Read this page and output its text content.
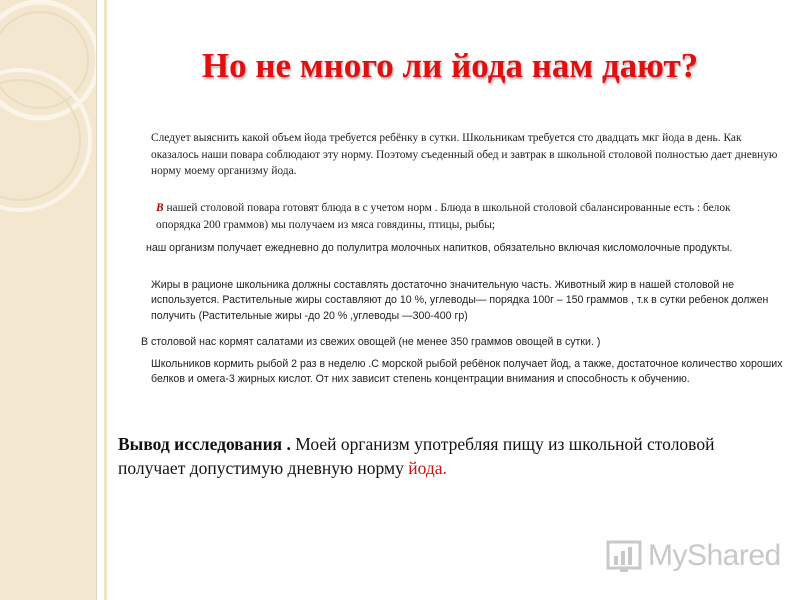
Но не много ли йода нам дают?

Следует выяснить какой объем йода требуется ребёнку в сутки. Школьникам требуется сто двадцать мкг йода в день. Как оказалось наши повара соблюдают эту норму. Поэтому съеденный обед и завтрак в школьной столовой полностью дает дневную норму моему организму йода.

В нашей столовой повара готовят блюда в с учетом норм . Блюда в школьной столовой сбалансированные есть : белок опорядка 200 граммов) мы получаем из мяса говядины, птицы, рыбы;

наш организм получает ежедневно до полулитра молочных напитков, обязательно включая кисломолочные продукты.

Жиры в рационе школьника должны составлять достаточно значительную часть. Животный жир в нашей столовой не используется. Растительные жиры составляют до 10 %, углеводы— порядка 100г – 150 граммов , т.к в сутки ребенок должен получить (Растительные жиры -до 20 % ,углеводы —300-400 гр)

В столовой нас кормят салатами из свежих овощей (не менее 350 граммов овощей в сутки. )

Школьников кормить рыбой 2 раз в неделю .С морской рыбой ребёнок получает йод, а также, достаточное количество хороших белков и омега-3 жирных кислот. От них зависит степень концентрации внимания и способность к обучению.

Вывод исследования . Моей организм употребляя пищу из школьной столовой получает допустимую дневную норму йода.

MyShared
